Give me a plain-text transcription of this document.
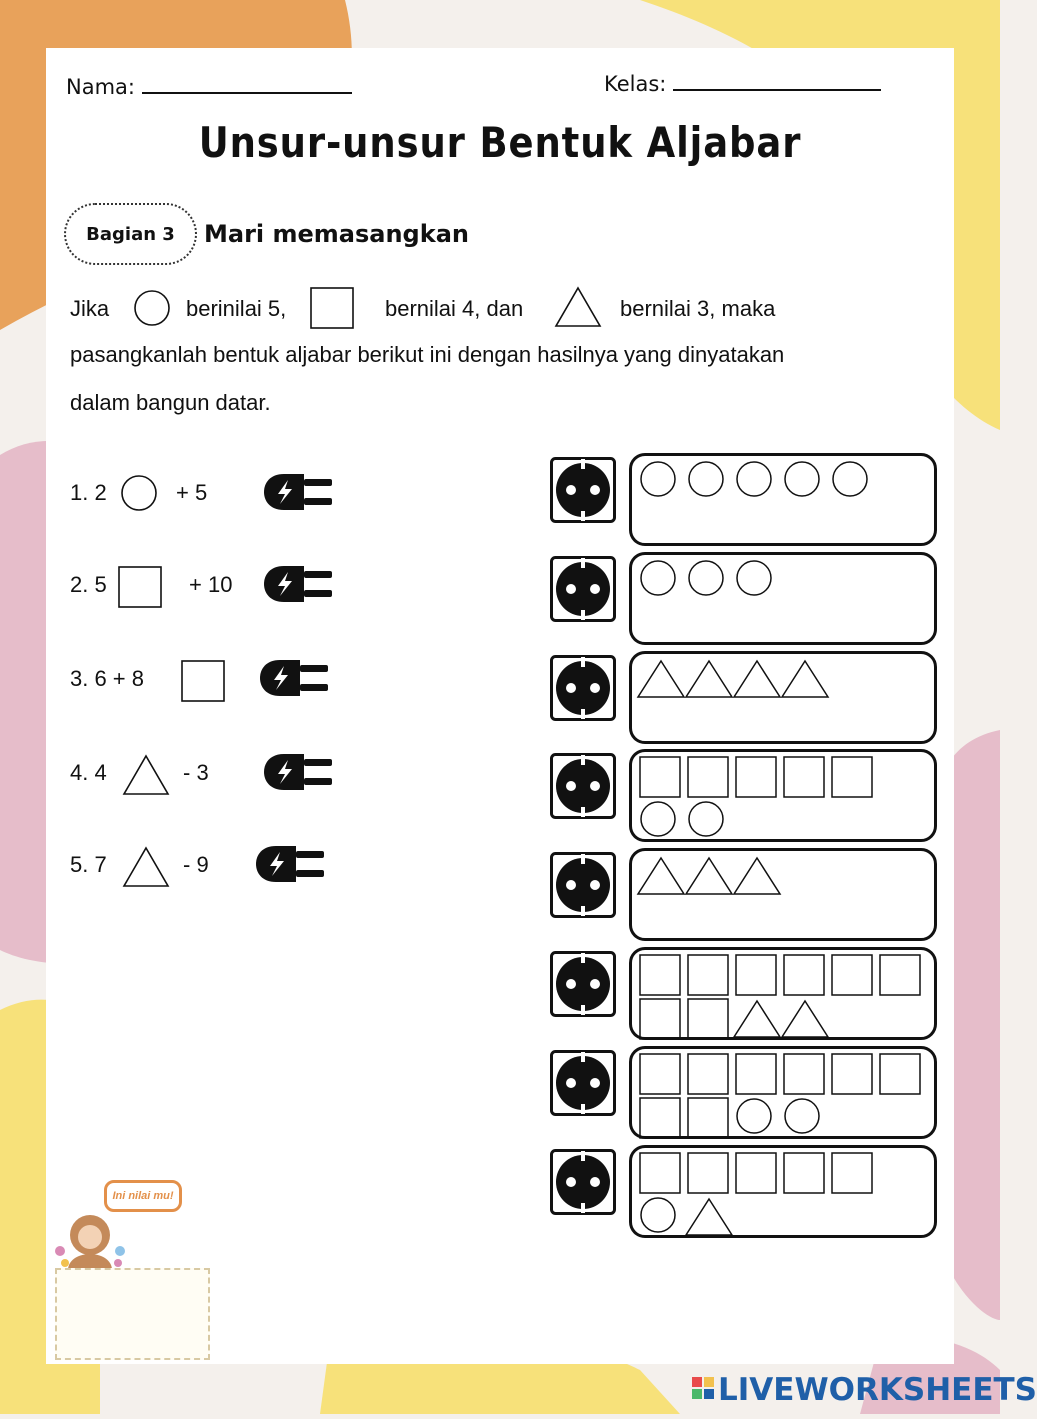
Nama:	Kelas:
Unsur-unsur Bentuk Aljabar
Bagian 3	Mari memasangkan
Jika	berinilai 5,	bernilai 4, dan	bernilai 3, maka
pasangkanlah bentuk aljabar berikut ini dengan hasilnya yang dinyatakan
dalam bangun datar.
1. 2	+ 5
2. 5	+ 10
3. 6 + 8
4. 4	- 3
5. 7	- 9
Ini nilai mu!
LIVEWORKSHEETS
